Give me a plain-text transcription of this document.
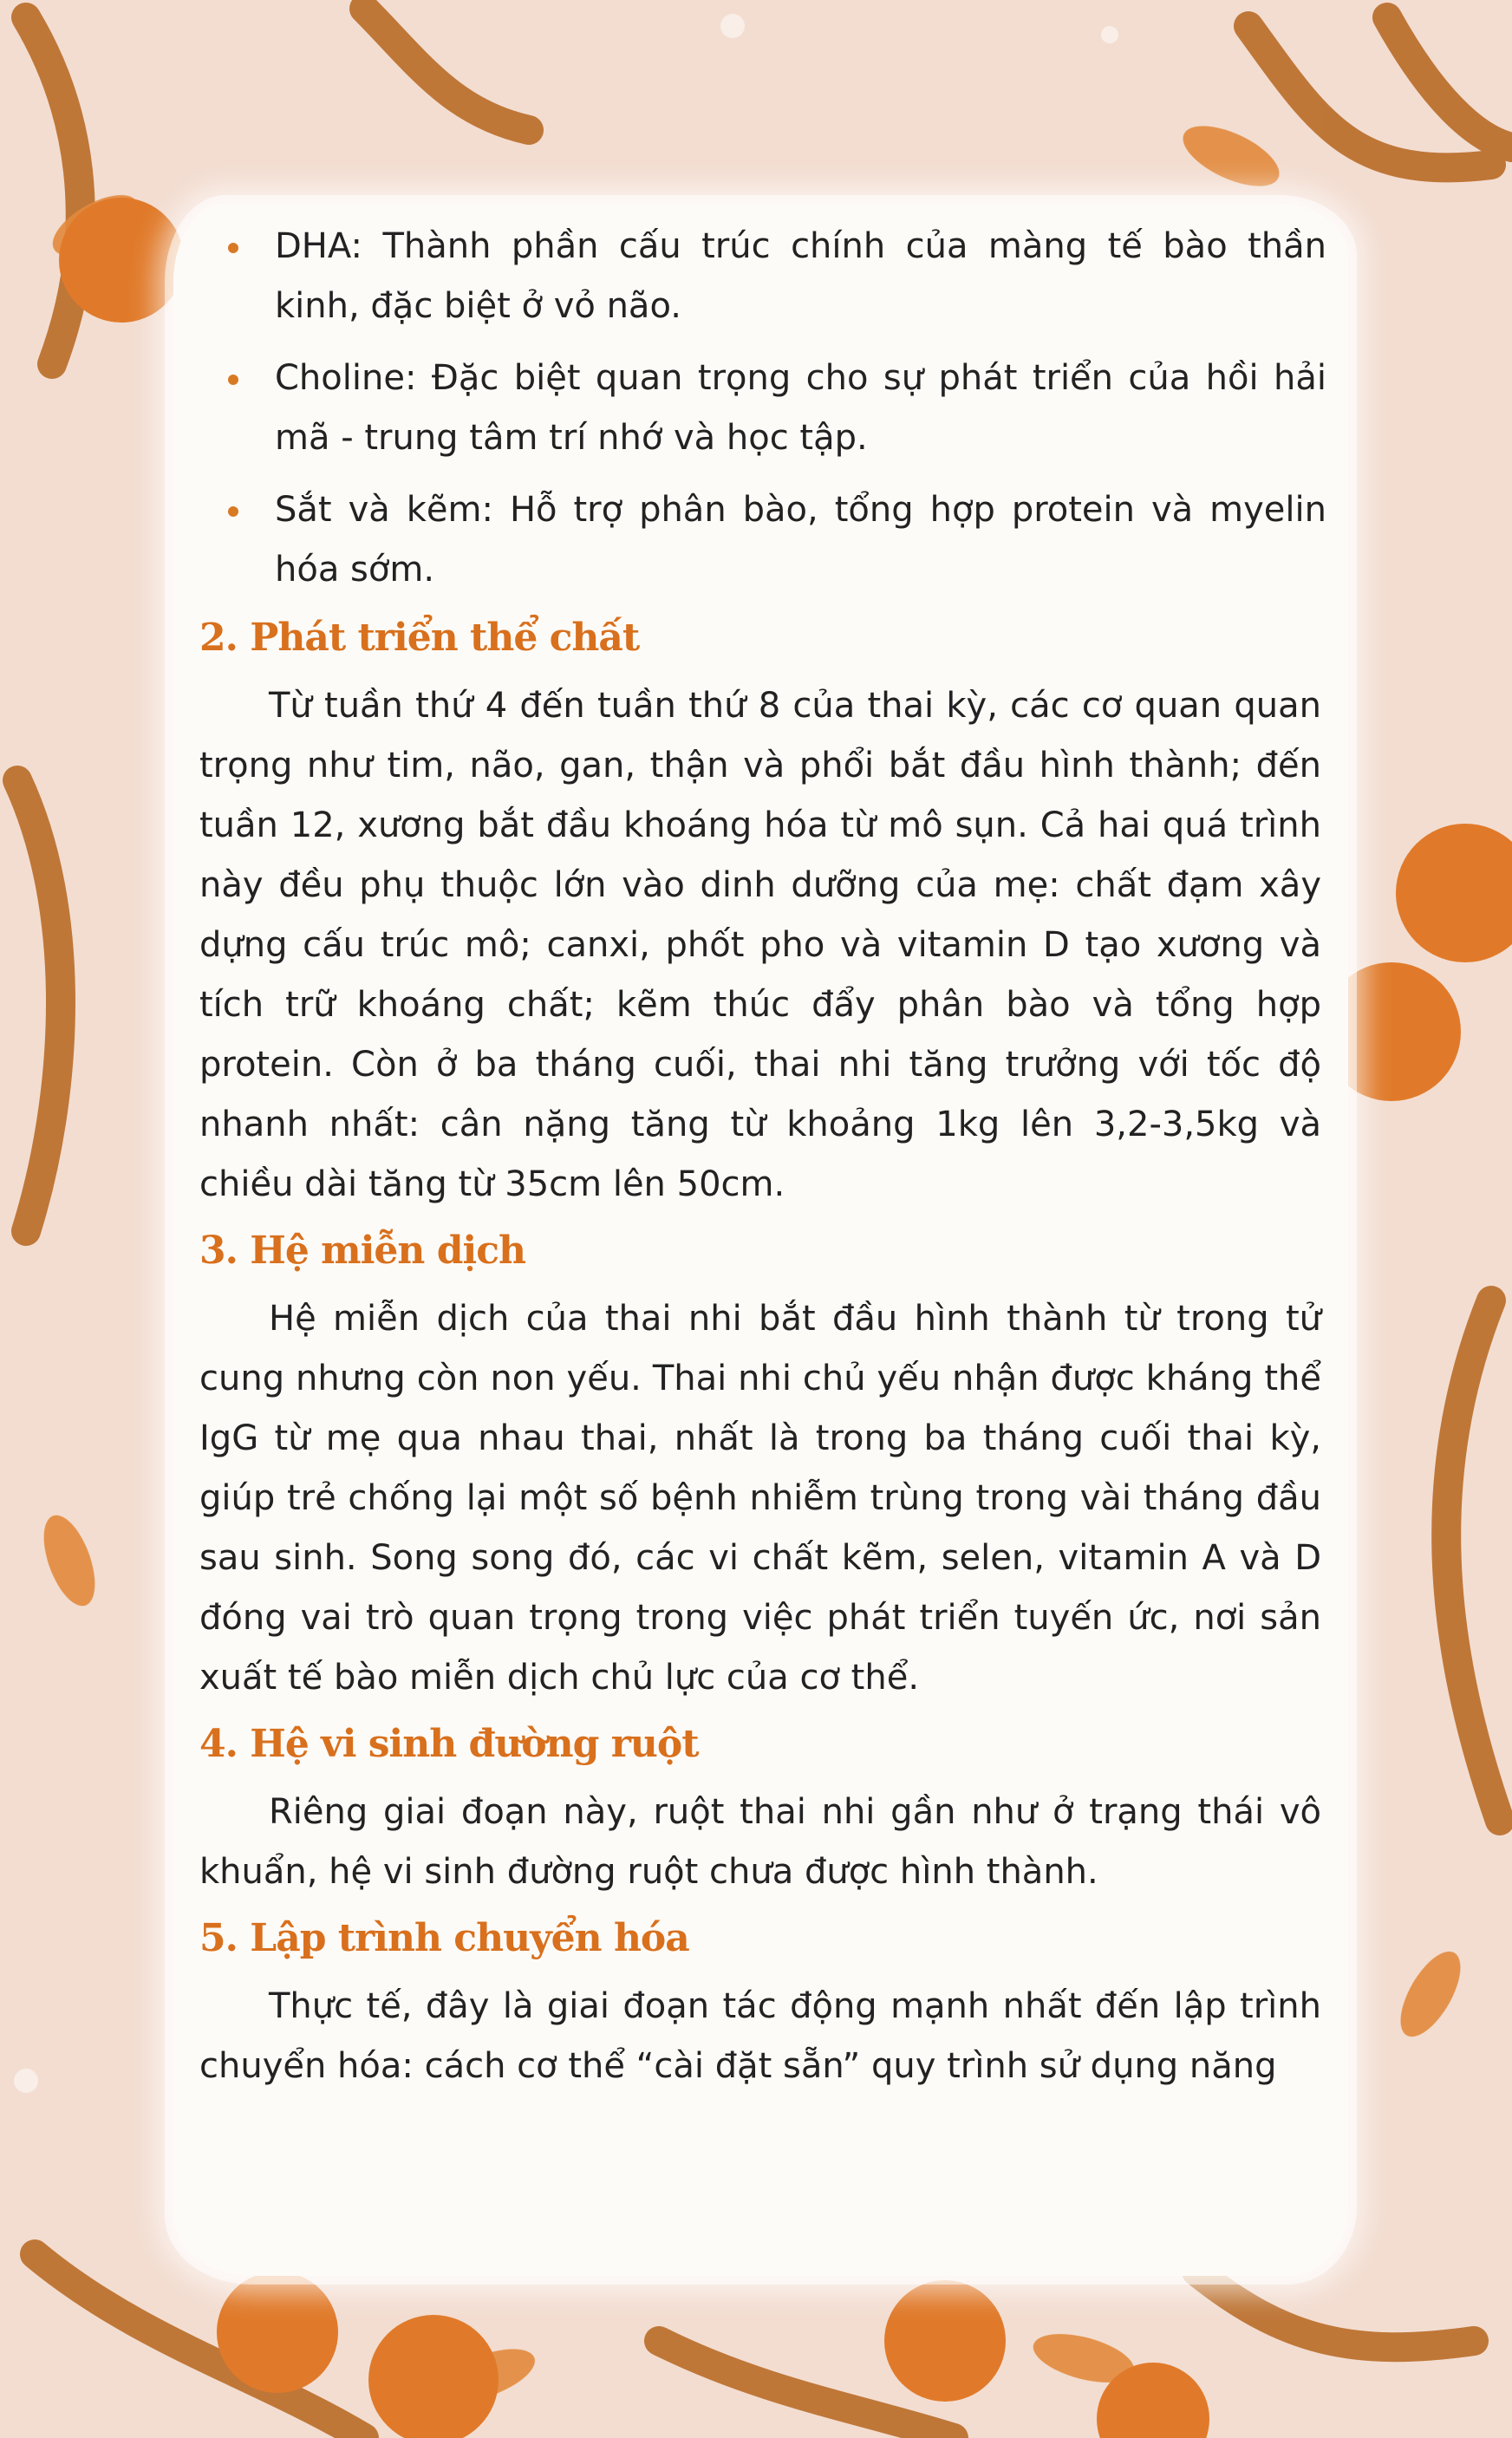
DHA: Thành phần cấu trúc chính của màng tế bào thần kinh, đặc biệt ở vỏ não.
Choline: Đặc biệt quan trọng cho sự phát triển của hồi hải mã - trung tâm trí nhớ và học tập.
Sắt và kẽm: Hỗ trợ phân bào, tổng hợp protein và myelin hóa sớm.
2. Phát triển thể chất

Từ tuần thứ 4 đến tuần thứ 8 của thai kỳ, các cơ quan quan trọng như tim, não, gan, thận và phổi bắt đầu hình thành; đến tuần 12, xương bắt đầu khoáng hóa từ mô sụn. Cả hai quá trình này đều phụ thuộc lớn vào dinh dưỡng của mẹ: chất đạm xây dựng cấu trúc mô; canxi, phốt pho và vitamin D tạo xương và tích trữ khoáng chất; kẽm thúc đẩy phân bào và tổng hợp protein. Còn ở ba tháng cuối, thai nhi tăng trưởng với tốc độ nhanh nhất: cân nặng tăng từ khoảng 1kg lên 3,2-3,5kg và chiều dài tăng từ 35cm lên 50cm.

3. Hệ miễn dịch

Hệ miễn dịch của thai nhi bắt đầu hình thành từ trong tử cung nhưng còn non yếu. Thai nhi chủ yếu nhận được kháng thể IgG từ mẹ qua nhau thai, nhất là trong ba tháng cuối thai kỳ, giúp trẻ chống lại một số bệnh nhiễm trùng trong vài tháng đầu sau sinh. Song song đó, các vi chất kẽm, selen, vitamin A và D đóng vai trò quan trọng trong việc phát triển tuyến ức, nơi sản xuất tế bào miễn dịch chủ lực của cơ thể.

4. Hệ vi sinh đường ruột

Riêng giai đoạn này, ruột thai nhi gần như ở trạng thái vô khuẩn, hệ vi sinh đường ruột chưa được hình thành.

5. Lập trình chuyển hóa

Thực tế, đây là giai đoạn tác động mạnh nhất đến lập trình chuyển hóa: cách cơ thể “cài đặt sẵn” quy trình sử dụng năng
